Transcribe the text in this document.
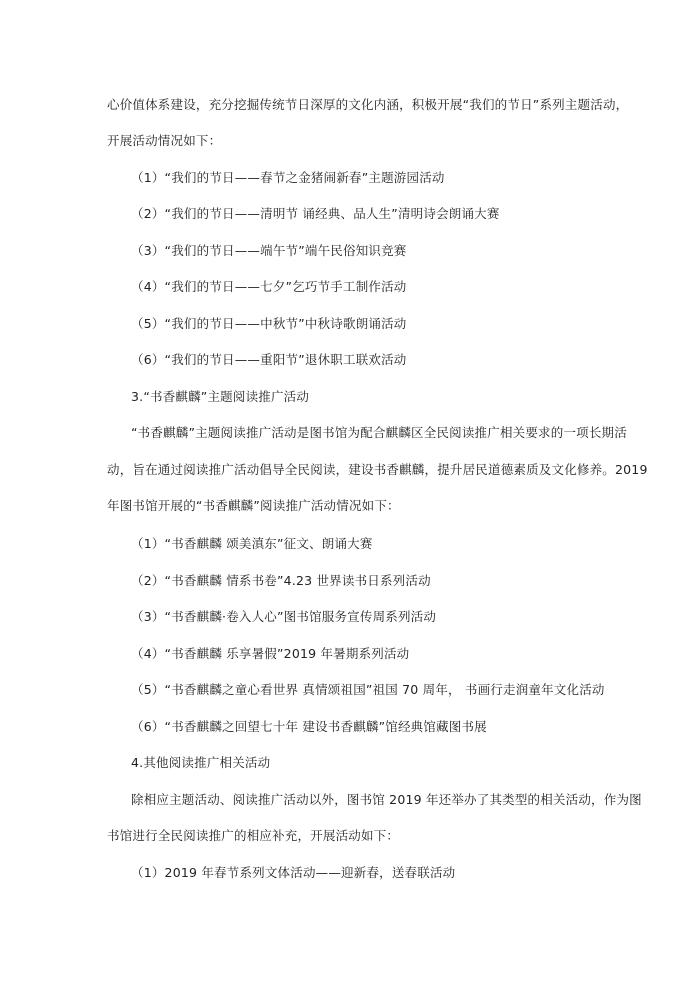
心价值体系建设，充分挖掘传统节日深厚的文化内涵，积极开展“我们的节日”系列主题活动，
开展活动情况如下：
（1）“我们的节日——春节之金猪闹新春”主题游园活动
（2）“我们的节日——清明节 诵经典、品人生”清明诗会朗诵大赛
（3）“我们的节日——端午节”端午民俗知识竞赛
（4）“我们的节日——七夕”乞巧节手工制作活动
（5）“我们的节日——中秋节”中秋诗歌朗诵活动
（6）“我们的节日——重阳节”退休职工联欢活动
3.“书香麒麟”主题阅读推广活动
“书香麒麟”主题阅读推广活动是图书馆为配合麒麟区全民阅读推广相关要求的一项长期活
动，旨在通过阅读推广活动倡导全民阅读，建设书香麒麟，提升居民道德素质及文化修养。2019
年图书馆开展的“书香麒麟”阅读推广活动情况如下：
（1）“书香麒麟 颂美滇东”征文、朗诵大赛
（2）“书香麒麟 情系书卷”4.23 世界读书日系列活动
（3）“书香麒麟·卷入人心”图书馆服务宣传周系列活动
（4）“书香麒麟 乐享暑假”2019 年暑期系列活动
（5）“书香麒麟之童心看世界 真情颂祖国”祖国 70 周年， 书画行走润童年文化活动
（6）“书香麒麟之回望七十年 建设书香麒麟”馆经典馆藏图书展
4.其他阅读推广相关活动
除相应主题活动、阅读推广活动以外，图书馆 2019 年还举办了其类型的相关活动，作为图
书馆进行全民阅读推广的相应补充，开展活动如下：
（1）2019 年春节系列文体活动——迎新春，送春联活动
